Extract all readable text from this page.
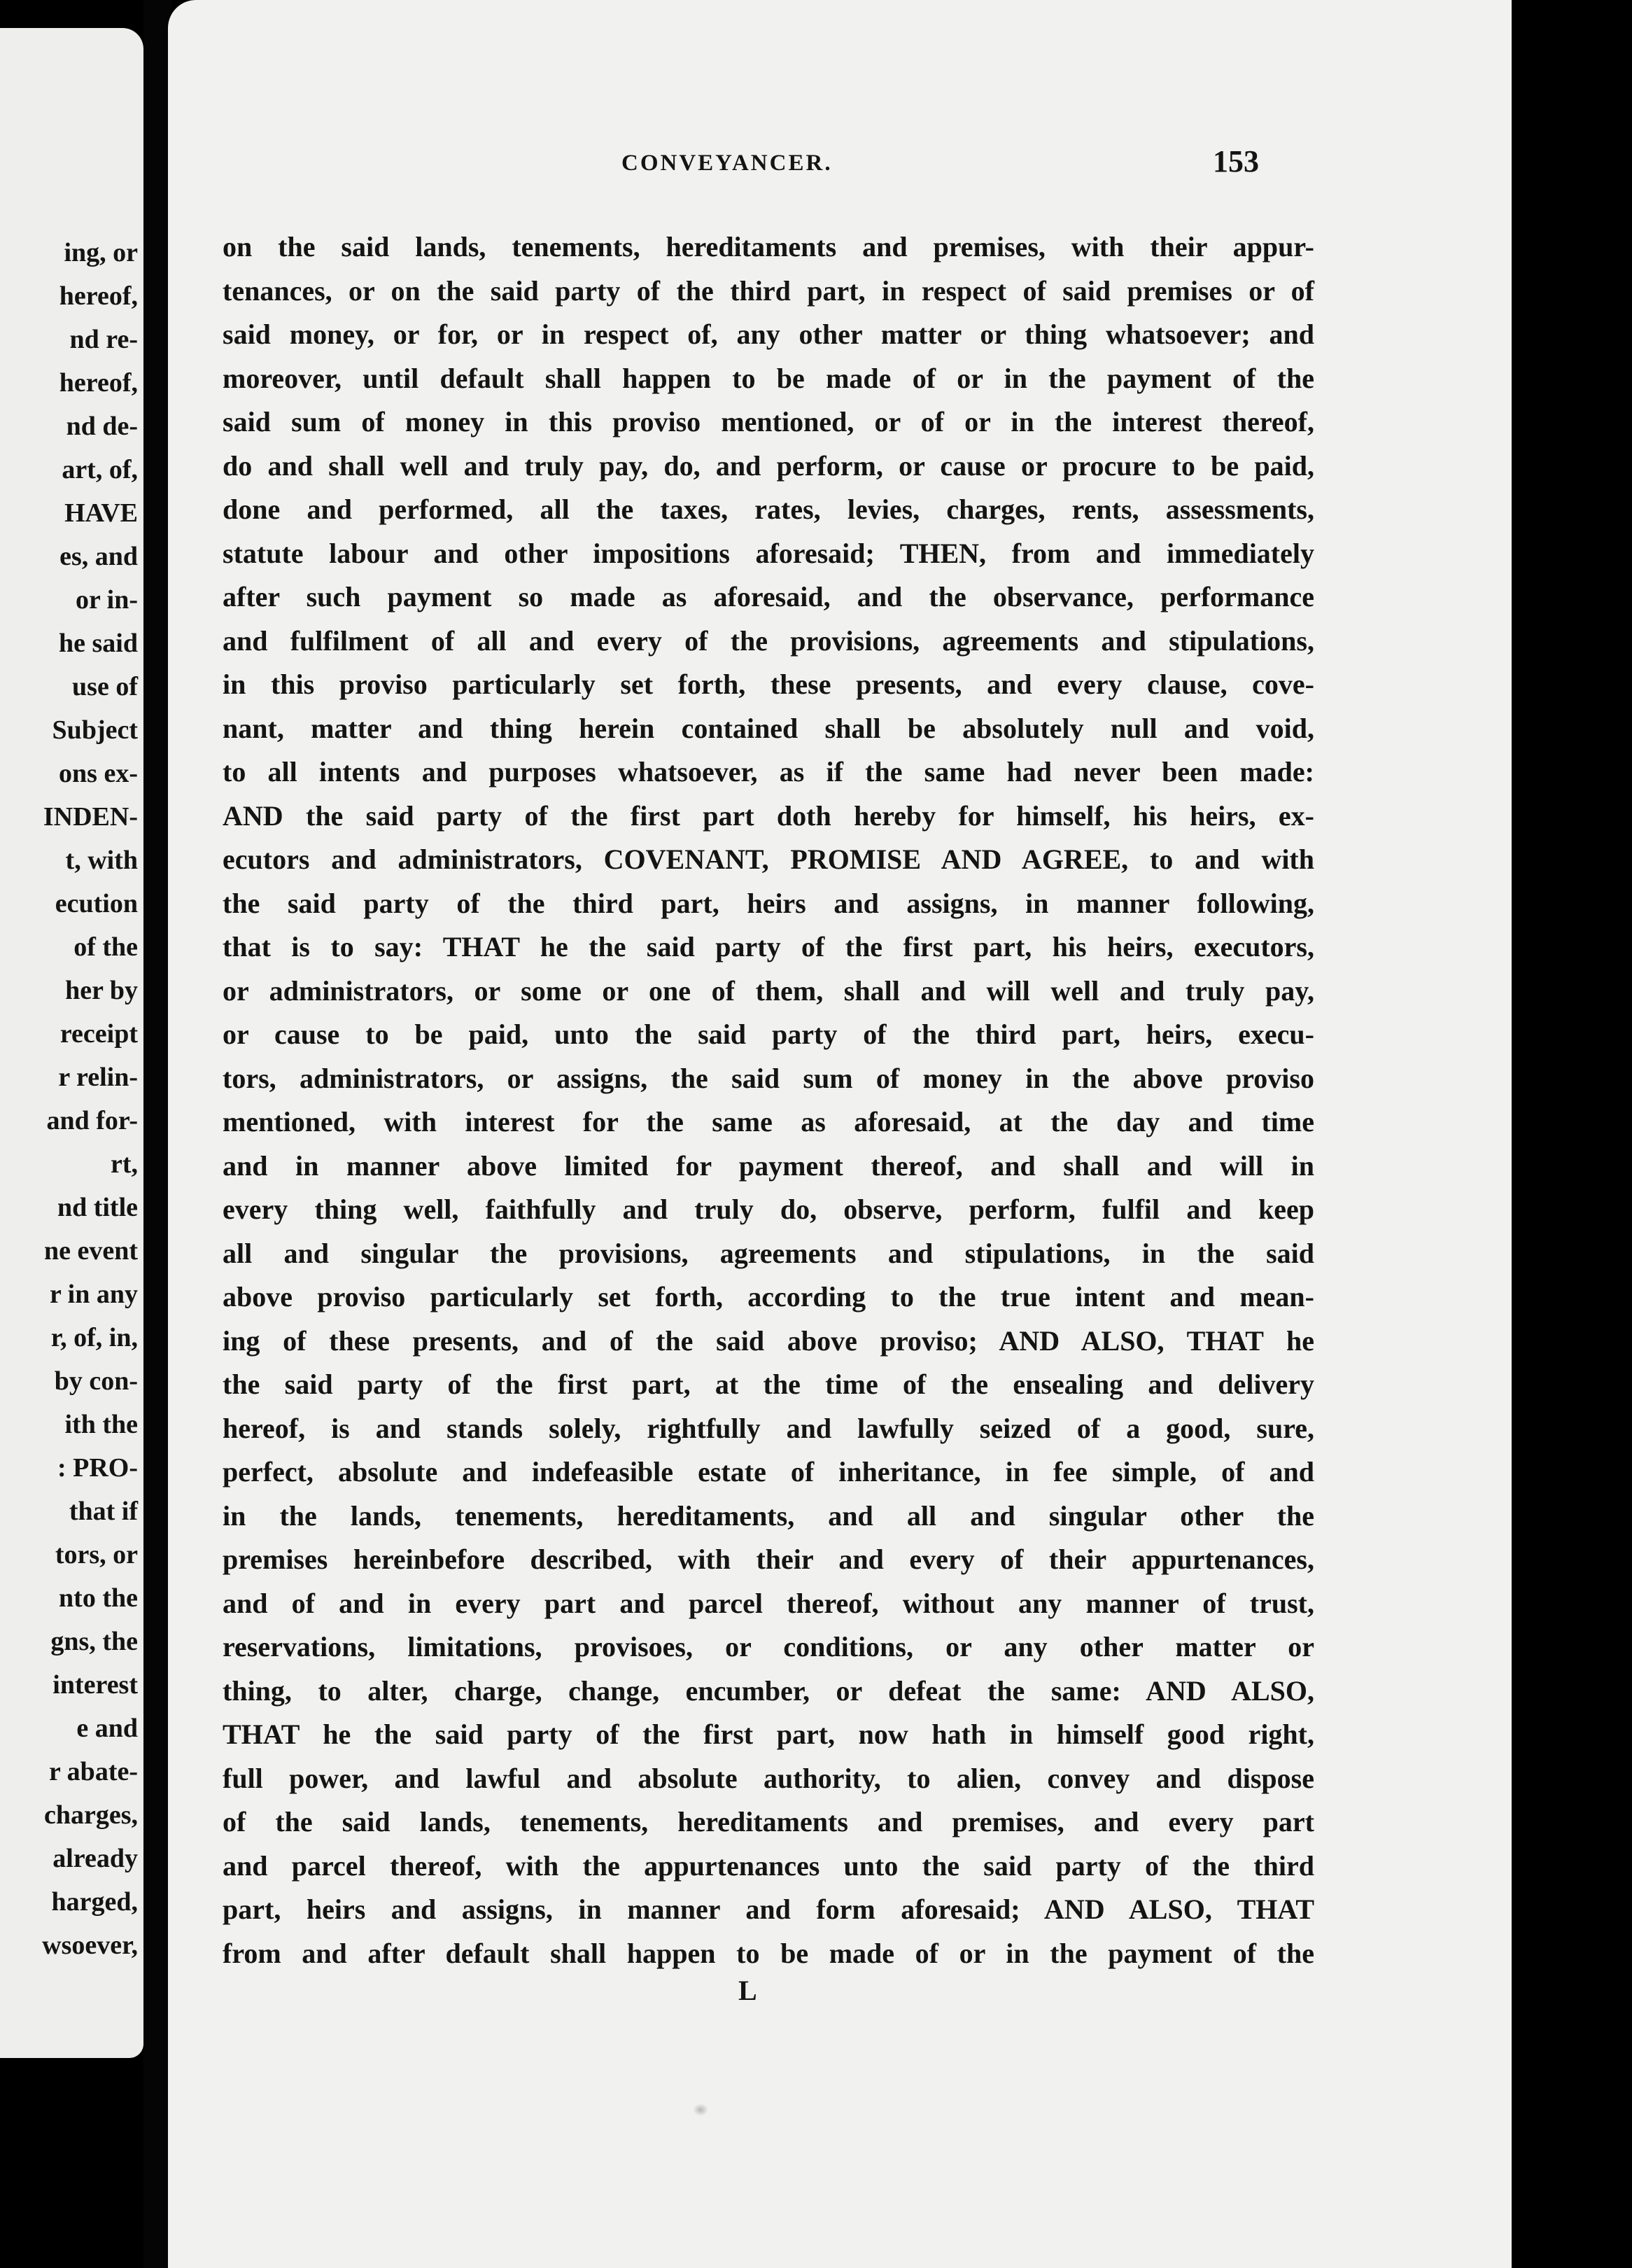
ing, or
hereof,
nd re-
hereof,
nd de-
art, of,
HAVE
es, and
or in-
he said
use of
Subject
ons ex-
INDEN-
t, with
ecution
of the
her by
receipt
r relin-
and for-
rt,
nd title
ne event
r in any
r, of, in,
by con-
ith the
: PRO-
that if
tors, or
nto the
gns, the
interest
e and
r abate-
charges,
already
harged,
wsoever,
CONVEYANCER.	153
on the said lands, tenements, hereditaments and premises, with their appur-
tenances, or on the said party of the third part, in respect of said premises or of
said money, or for, or in respect of, any other matter or thing whatsoever; and
moreover, until default shall happen to be made of or in the payment of the
said sum of money in this proviso mentioned, or of or in the interest thereof,
do and shall well and truly pay, do, and perform, or cause or procure to be paid,
done and performed, all the taxes, rates, levies, charges, rents, assessments,
statute labour and other impositions aforesaid; THEN, from and immediately
after such payment so made as aforesaid, and the observance, performance
and fulfilment of all and every of the provisions, agreements and stipulations,
in this proviso particularly set forth, these presents, and every clause, cove-
nant, matter and thing herein contained shall be absolutely null and void,
to all intents and purposes whatsoever, as if the same had never been made:
AND the said party of the first part doth hereby for himself, his heirs, ex-
ecutors and administrators, COVENANT, PROMISE AND AGREE, to and with
the said party of the third part, heirs and assigns, in manner following,
that is to say: THAT he the said party of the first part, his heirs, executors,
or administrators, or some or one of them, shall and will well and truly pay,
or cause to be paid, unto the said party of the third part, heirs, execu-
tors, administrators, or assigns, the said sum of money in the above proviso
mentioned, with interest for the same as aforesaid, at the day and time
and in manner above limited for payment thereof, and shall and will in
every thing well, faithfully and truly do, observe, perform, fulfil and keep
all and singular the provisions, agreements and stipulations, in the said
above proviso particularly set forth, according to the true intent and mean-
ing of these presents, and of the said above proviso; AND ALSO, THAT he
the said party of the first part, at the time of the ensealing and delivery
hereof, is and stands solely, rightfully and lawfully seized of a good, sure,
perfect, absolute and indefeasible estate of inheritance, in fee simple, of and
in the lands, tenements, hereditaments, and all and singular other the
premises hereinbefore described, with their and every of their appurtenances,
and of and in every part and parcel thereof, without any manner of trust,
reservations, limitations, provisoes, or conditions, or any other matter or
thing, to alter, charge, change, encumber, or defeat the same: AND ALSO,
THAT he the said party of the first part, now hath in himself good right,
full power, and lawful and absolute authority, to alien, convey and dispose
of the said lands, tenements, hereditaments and premises, and every part
and parcel thereof, with the appurtenances unto the said party of the third
part, heirs and assigns, in manner and form aforesaid; AND ALSO, THAT
from and after default shall happen to be made of or in the payment of the
L
